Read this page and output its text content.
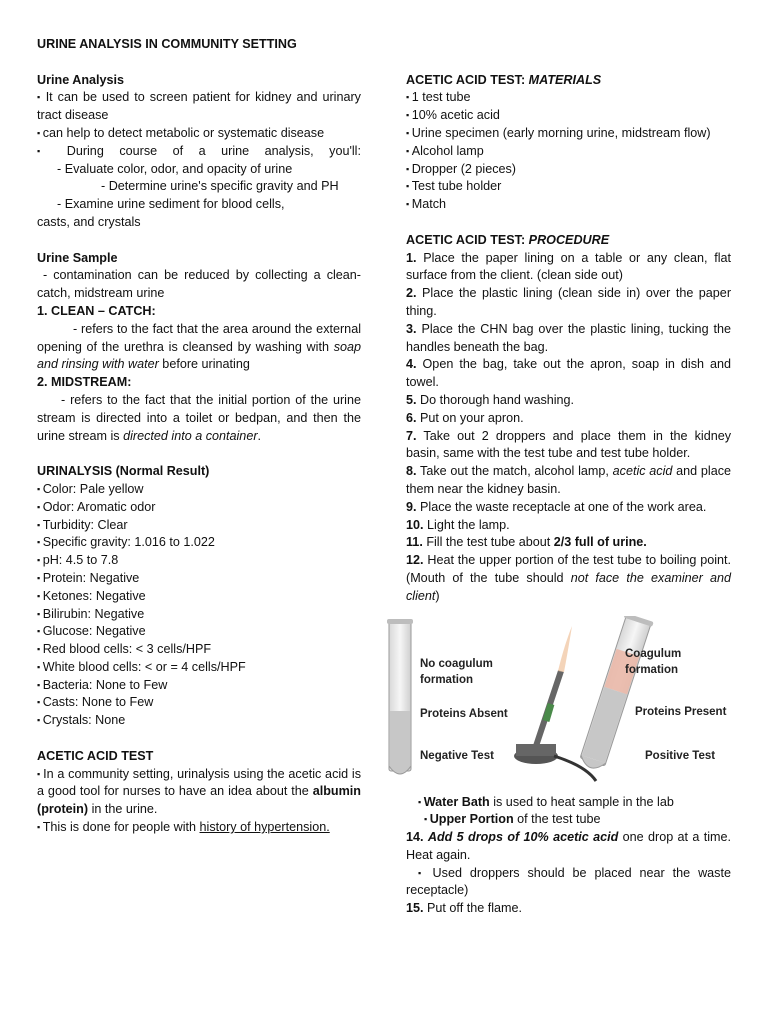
URINE ANALYSIS IN COMMUNITY SETTING

Urine Analysis

▪ It can be used to screen patient for kidney and urinary tract disease

▪ can help to detect metabolic or systematic disease

▪ During course of a urine analysis, you'll:

- Evaluate color, odor, and opacity of urine

- Determine urine's specific gravity and PH

- Examine urine sediment for blood cells,

casts, and crystals

Urine Sample

- contamination can be reduced by collecting a clean-catch, midstream urine

1. CLEAN – CATCH:

- refers to the fact that the area around the external opening of the urethra is cleansed by washing with soap and rinsing with water before urinating

2. MIDSTREAM:

- refers to the fact that the initial portion of the urine stream is directed into a toilet or bedpan, and then the urine stream is directed into a container.

URINALYSIS (Normal Result)

▪ Color: Pale yellow

▪ Odor: Aromatic odor

▪ Turbidity: Clear

▪ Specific gravity: 1.016 to 1.022

▪ pH: 4.5 to 7.8

▪ Protein: Negative

▪ Ketones: Negative

▪ Bilirubin: Negative

▪ Glucose: Negative

▪ Red blood cells: < 3 cells/HPF

▪ White blood cells: < or = 4 cells/HPF

▪ Bacteria: None to Few

▪ Casts: None to Few

▪ Crystals: None

ACETIC ACID TEST

▪ In a community setting, urinalysis using the acetic acid is a good tool for nurses to have an idea about the albumin (protein) in the urine.

▪ This is done for people with history of hypertension.

ACETIC ACID TEST: MATERIALS

▪ 1 test tube

▪ 10% acetic acid

▪ Urine specimen (early morning urine, midstream flow)

▪ Alcohol lamp

▪ Dropper (2 pieces)

▪ Test tube holder

▪ Match

ACETIC ACID TEST: PROCEDURE

1. Place the paper lining on a table or any clean, flat surface from the client. (clean side out)

2. Place the plastic lining (clean side in) over the paper thing.

3. Place the CHN bag over the plastic lining, tucking the handles beneath the bag.

4. Open the bag, take out the apron, soap in dish and towel.

5. Do thorough hand washing.

6. Put on your apron.

7. Take out 2 droppers and place them in the kidney basin, same with the test tube and test tube holder.

8. Take out the match, alcohol lamp, acetic acid and place them near the kidney basin.

9. Place the waste receptacle at one of the work area.

10. Light the lamp.

11. Fill the test tube about 2/3 full of urine.

12. Heat the upper portion of the test tube to boiling point. (Mouth of the tube should not face the examiner and client)

No coagulum
formation
Proteins Absent
Negative Test
Coagulum
formation
Proteins Present
Positive Test

▪ Water Bath is used to heat sample in the lab

▪ Upper Portion of the test tube

14. Add 5 drops of 10% acetic acid one drop at a time. Heat again.

▪ Used droppers should be placed near the waste receptacle)

15. Put off the flame.
